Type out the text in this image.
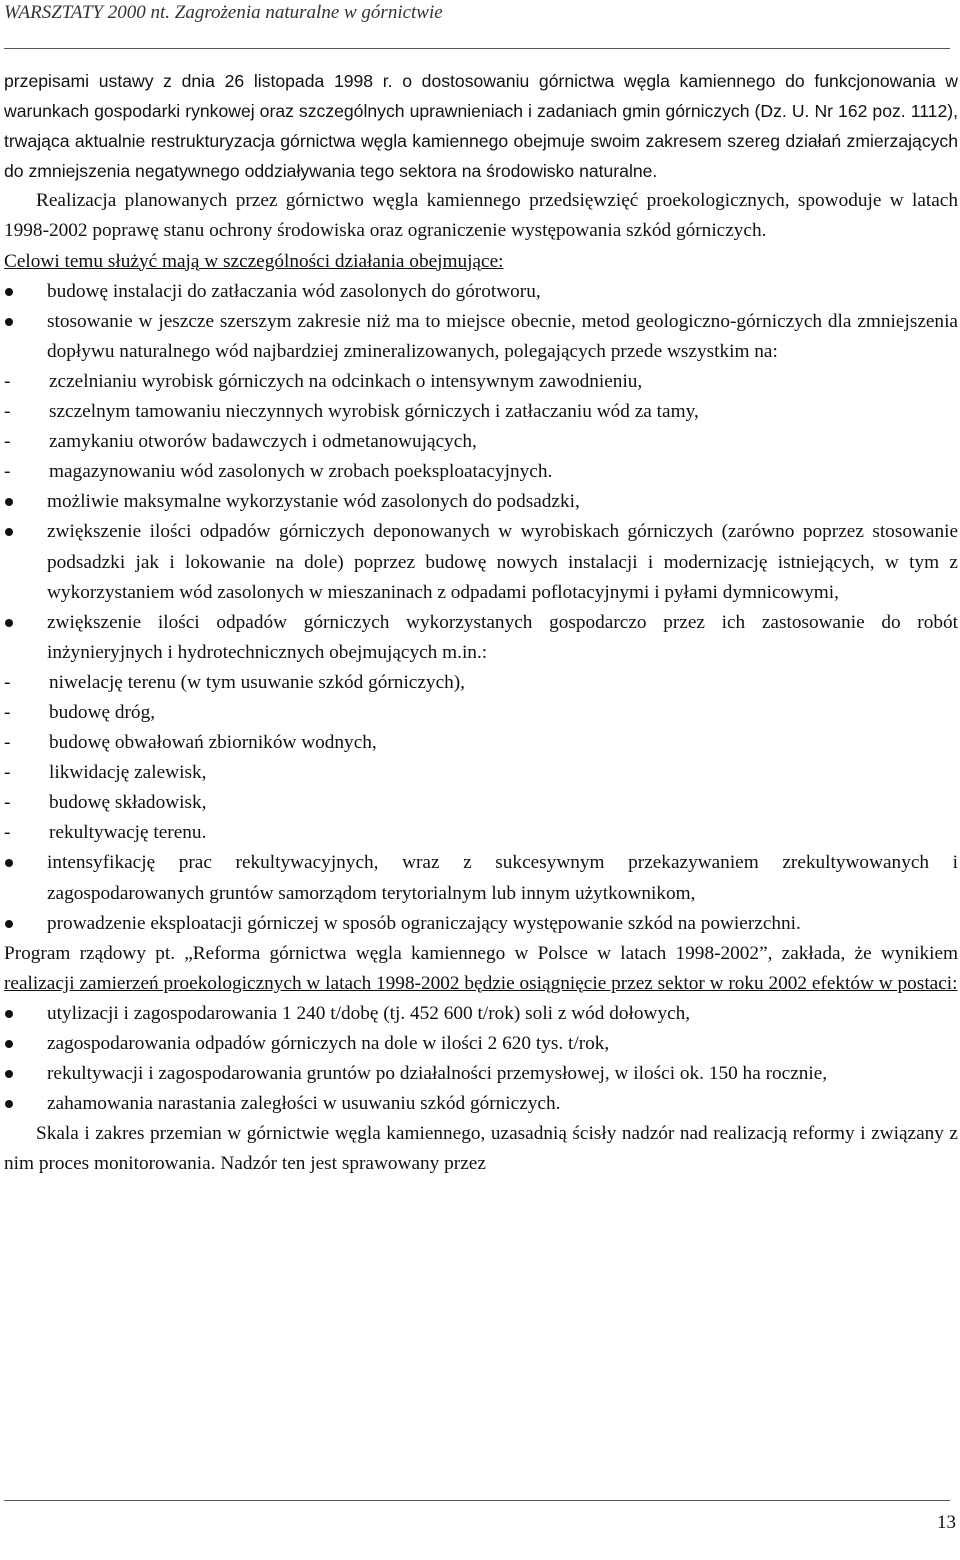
WARSZTATY 2000 nt. Zagrożenia naturalne w górnictwie

przepisami ustawy z dnia 26 listopada 1998 r. o dostosowaniu górnictwa węgla kamiennego do funkcjonowania w warunkach gospodarki rynkowej oraz szczególnych uprawnieniach i zadaniach gmin górniczych (Dz. U. Nr 162 poz. 1112), trwająca aktualnie restrukturyzacja górnictwa węgla kamiennego obejmuje swoim zakresem szereg działań zmierzających do zmniejszenia negatywnego oddziaływania tego sektora na środowisko naturalne.

Realizacja planowanych przez górnictwo węgla kamiennego przedsięwzięć proekologicznych, spowoduje w latach 1998-2002 poprawę stanu ochrony środowiska oraz ograniczenie występowania szkód górniczych.

Celowi temu służyć mają w szczególności działania obejmujące:

budowę instalacji do zatłaczania wód zasolonych do górotworu,
stosowanie w jeszcze szerszym zakresie niż ma to miejsce obecnie, metod geologiczno-górniczych dla zmniejszenia dopływu naturalnego wód najbardziej zmineralizowanych, polegających przede wszystkim na:
- zczelnianiu wyrobisk górniczych na odcinkach o intensywnym zawodnieniu,
- szczelnym tamowaniu nieczynnych wyrobisk górniczych i zatłaczaniu wód za tamy,
- zamykaniu otworów badawczych i odmetanowujących,
- magazynowaniu wód zasolonych w zrobach poeksploatacyjnych.
możliwie maksymalne wykorzystanie wód zasolonych do podsadzki,
zwiększenie ilości odpadów górniczych deponowanych w wyrobiskach górniczych (zarówno poprzez stosowanie podsadzki jak i lokowanie na dole) poprzez budowę nowych instalacji i modernizację istniejących, w tym z wykorzystaniem wód zasolonych w mieszaninach z odpadami poflotacyjnymi i pyłami dymnicowymi,
zwiększenie ilości odpadów górniczych wykorzystanych gospodarczo przez ich zastosowanie do robót inżynieryjnych i hydrotechnicznych obejmujących m.in.:
- niwelację terenu (w tym usuwanie szkód górniczych),
- budowę dróg,
- budowę obwałowań zbiorników wodnych,
- likwidację zalewisk,
- budowę składowisk,
- rekultywację terenu.
intensyfikację prac rekultywacyjnych, wraz z sukcesywnym przekazywaniem zrekultywowanych i zagospodarowanych gruntów samorządom terytorialnym lub innym użytkownikom,
prowadzenie eksploatacji górniczej w sposób ograniczający występowanie szkód na powierzchni.

Program rządowy pt. „Reforma górnictwa węgla kamiennego w Polsce w latach 1998-2002”, zakłada, że wynikiem realizacji zamierzeń proekologicznych w latach 1998-2002 będzie osiągnięcie przez sektor w roku 2002 efektów w postaci:

utylizacji i zagospodarowania 1 240 t/dobę (tj. 452 600 t/rok) soli z wód dołowych,
zagospodarowania odpadów górniczych na dole w ilości 2 620 tys. t/rok,
rekultywacji i zagospodarowania gruntów po działalności przemysłowej, w ilości ok. 150 ha rocznie,
zahamowania narastania zaległości w usuwaniu szkód górniczych.

Skala i zakres przemian w górnictwie węgla kamiennego, uzasadnią ścisły nadzór nad realizacją reformy i związany z nim proces monitorowania. Nadzór ten jest sprawowany przez

13
